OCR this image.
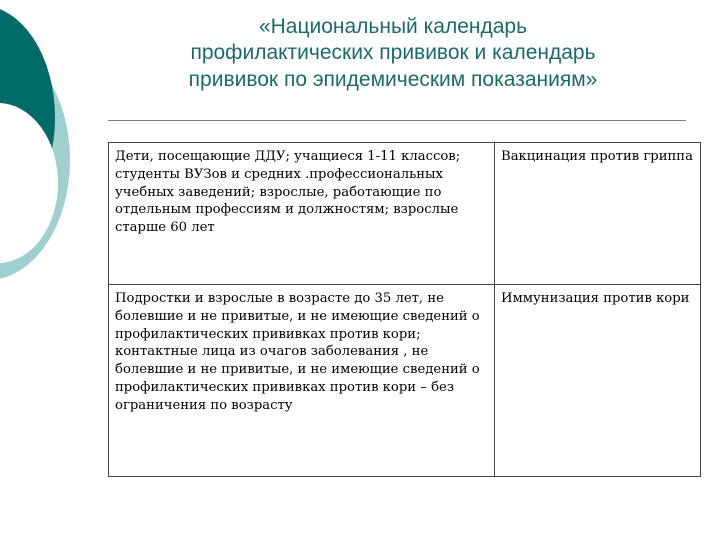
«Национальный календарь
профилактических прививок и календарь
прививок по эпидемическим показаниям»
Дети, посещающие ДДУ; учащиеся 1-11 классов; студенты ВУЗов и средних .профессиональных учебных заведений; взрослые, работающие по отдельным профессиям и должностям; взрослые старше 60 лет	Вакцинация против гриппа
Подростки и взрослые в возрасте до 35 лет, не болевшие и не привитые, и не имеющие сведений о профилактических прививках против кори; контактные лица из очагов заболевания , не болевшие и не привитые, и не имеющие сведений о профилактических прививках против кори – без ограничения по возрасту	Иммунизация против кори
